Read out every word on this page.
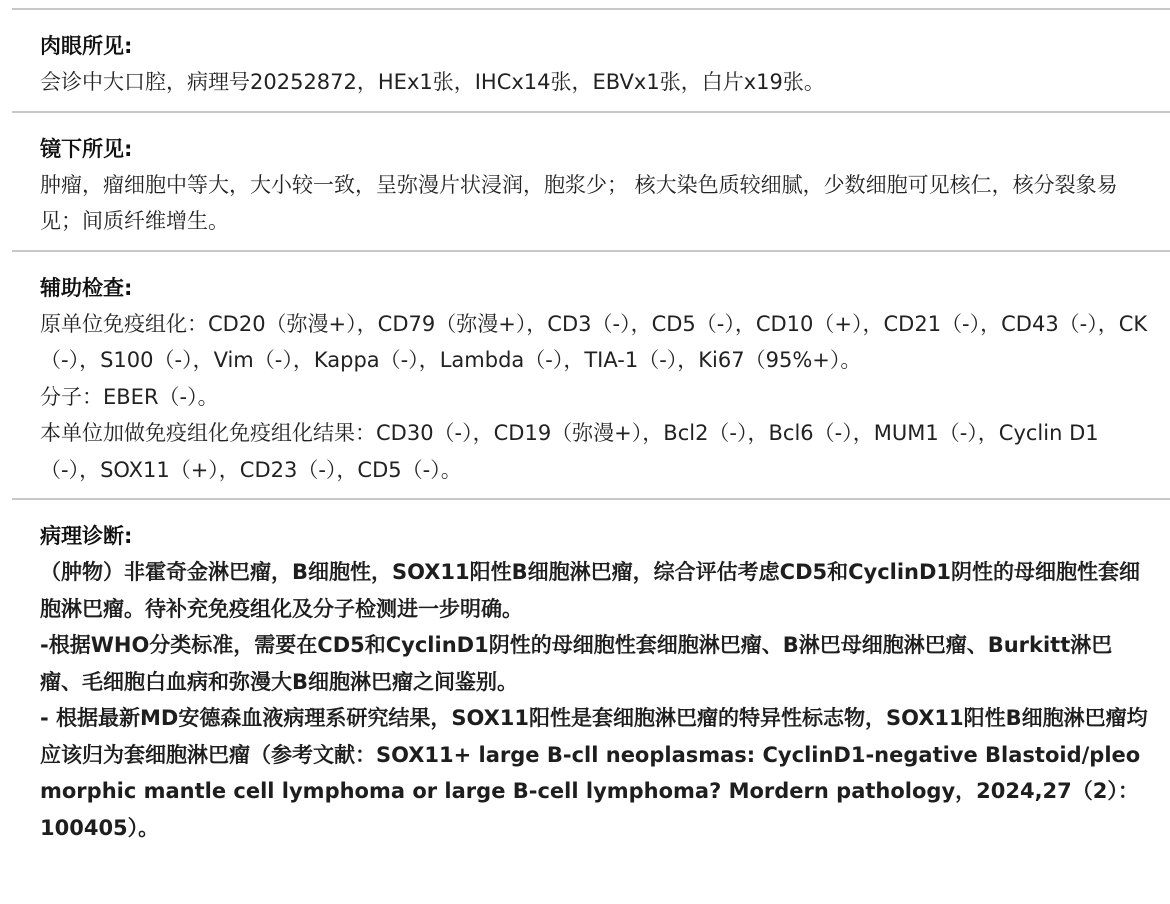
肉眼所见:
会诊中大口腔，病理号20252872，HEx1张，IHCx14张，EBVx1张，白片x19张。
镜下所见:
肿瘤，瘤细胞中等大，大小较一致，呈弥漫片状浸润，胞浆少； 核大染色质较细腻，少数细胞可见核仁，核分裂象易见；间质纤维增生。
辅助检查:
原单位免疫组化：CD20（弥漫+），CD79（弥漫+），CD3（-），CD5（-），CD10（+），CD21（-），CD43（-），CK（-），S100（-），Vim（-），Kappa（-），Lambda（-），TIA-1（-），Ki67（95%+）。
分子：EBER（-）。
本单位加做免疫组化免疫组化结果：CD30（-），CD19（弥漫+），Bcl2（-），Bcl6（-），MUM1（-），Cyclin D1（-），SOX11（+），CD23（-），CD5（-）。
病理诊断:
（肿物）非霍奇金淋巴瘤，B细胞性，SOX11阳性B细胞淋巴瘤，综合评估考虑CD5和CyclinD1阴性的母细胞性套细胞淋巴瘤。待补充免疫组化及分子检测进一步明确。
-根据WHO分类标准，需要在CD5和CyclinD1阴性的母细胞性套细胞淋巴瘤、B淋巴母细胞淋巴瘤、Burkitt淋巴瘤、毛细胞白血病和弥漫大B细胞淋巴瘤之间鉴别。
- 根据最新MD安德森血液病理系研究结果，SOX11阳性是套细胞淋巴瘤的特异性标志物，SOX11阳性B细胞淋巴瘤均应该归为套细胞淋巴瘤（参考文献：SOX11+ large B-cll neoplasmas: CyclinD1-negative Blastoid/pleomorphic mantle cell lymphoma or large B-cell lymphoma? Mordern pathology，2024,27（2）：100405）。
